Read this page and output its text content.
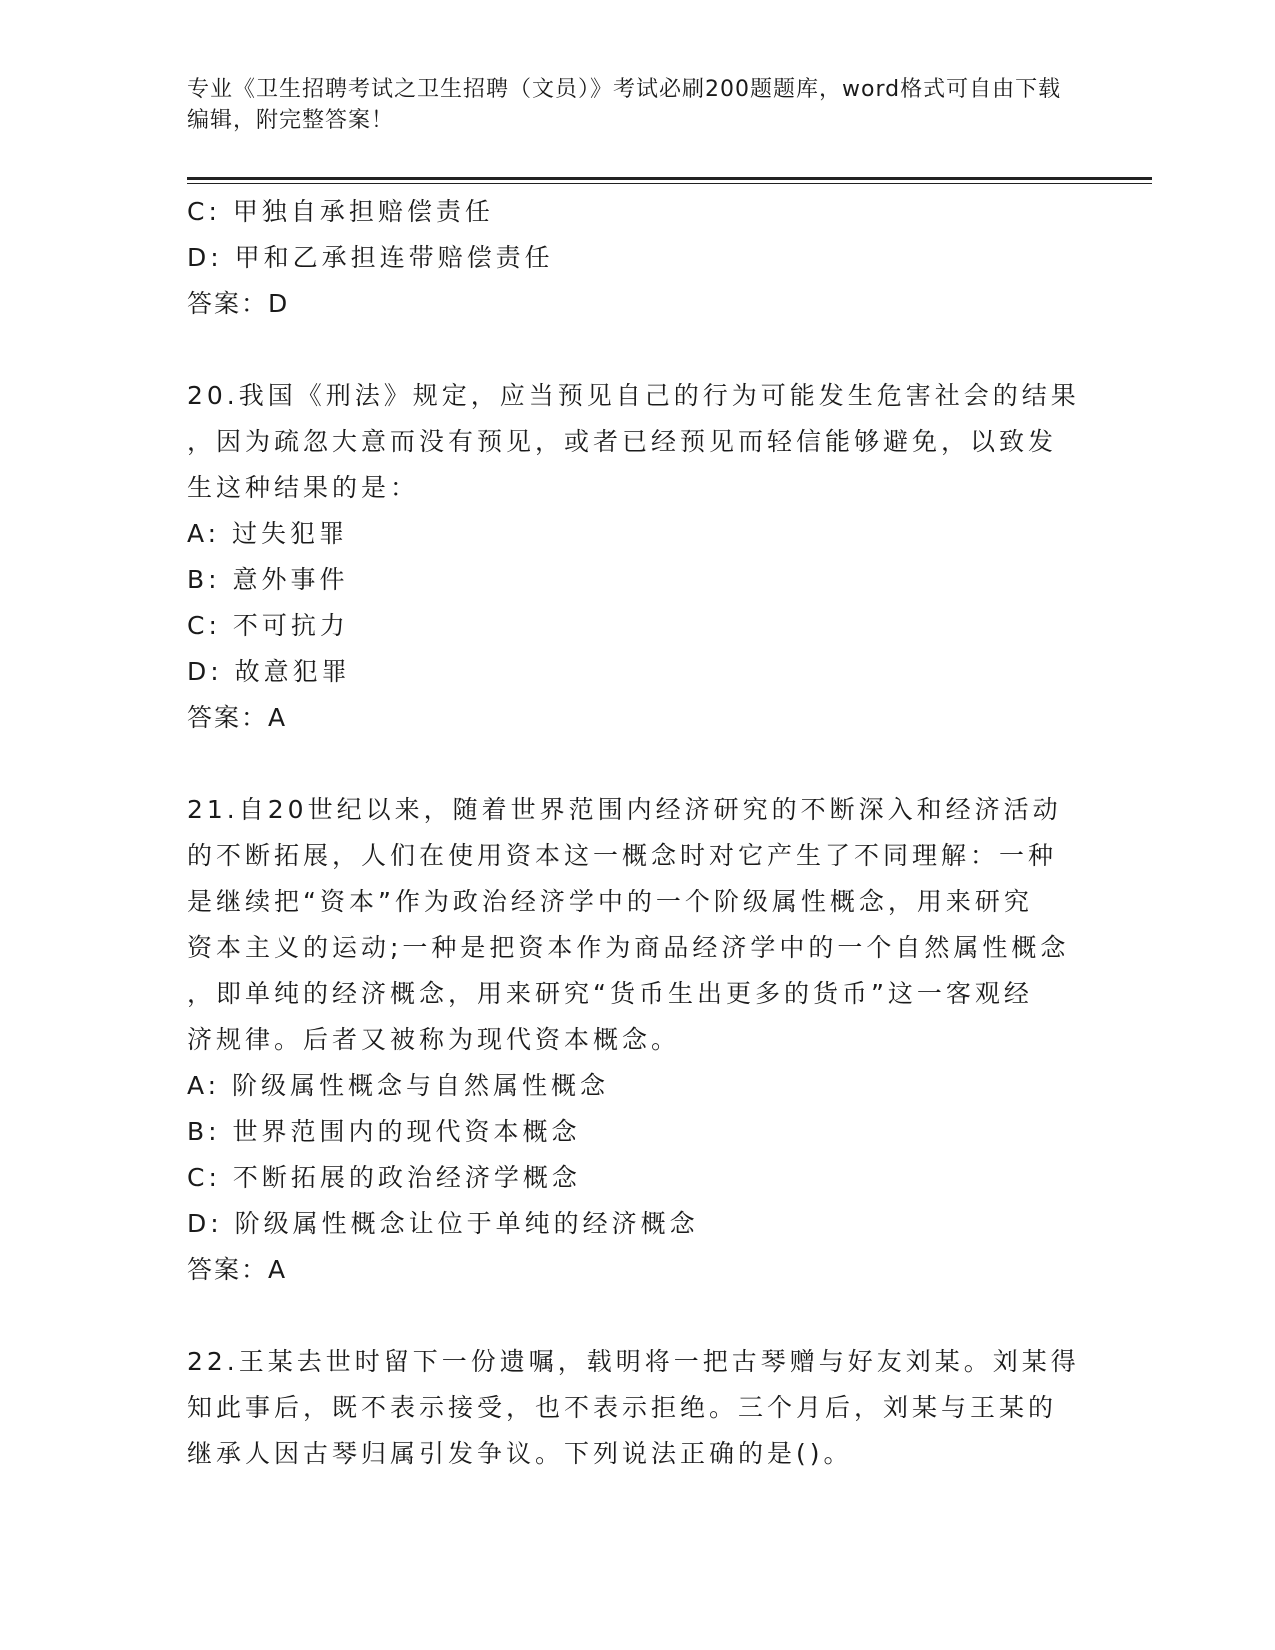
专业《卫生招聘考试之卫生招聘（文员）》考试必刷200题题库，word格式可自由下载编辑，附完整答案！
C: 甲独自承担赔偿责任
D: 甲和乙承担连带赔偿责任
答案：D
20.我国《刑法》规定，应当预见自己的行为可能发生危害社会的结果
，因为疏忽大意而没有预见，或者已经预见而轻信能够避免，以致发
生这种结果的是：
A: 过失犯罪
B: 意外事件
C: 不可抗力
D: 故意犯罪
答案：A
21.自20世纪以来，随着世界范围内经济研究的不断深入和经济活动
的不断拓展，人们在使用资本这一概念时对它产生了不同理解：一种
是继续把“资本”作为政治经济学中的一个阶级属性概念，用来研究
资本主义的运动;一种是把资本作为商品经济学中的一个自然属性概念
，即单纯的经济概念，用来研究“货币生出更多的货币”这一客观经
济规律。后者又被称为现代资本概念。
A: 阶级属性概念与自然属性概念
B: 世界范围内的现代资本概念
C: 不断拓展的政治经济学概念
D: 阶级属性概念让位于单纯的经济概念
答案：A
22.王某去世时留下一份遗嘱，载明将一把古琴赠与好友刘某。刘某得
知此事后，既不表示接受，也不表示拒绝。三个月后，刘某与王某的
继承人因古琴归属引发争议。下列说法正确的是()。
